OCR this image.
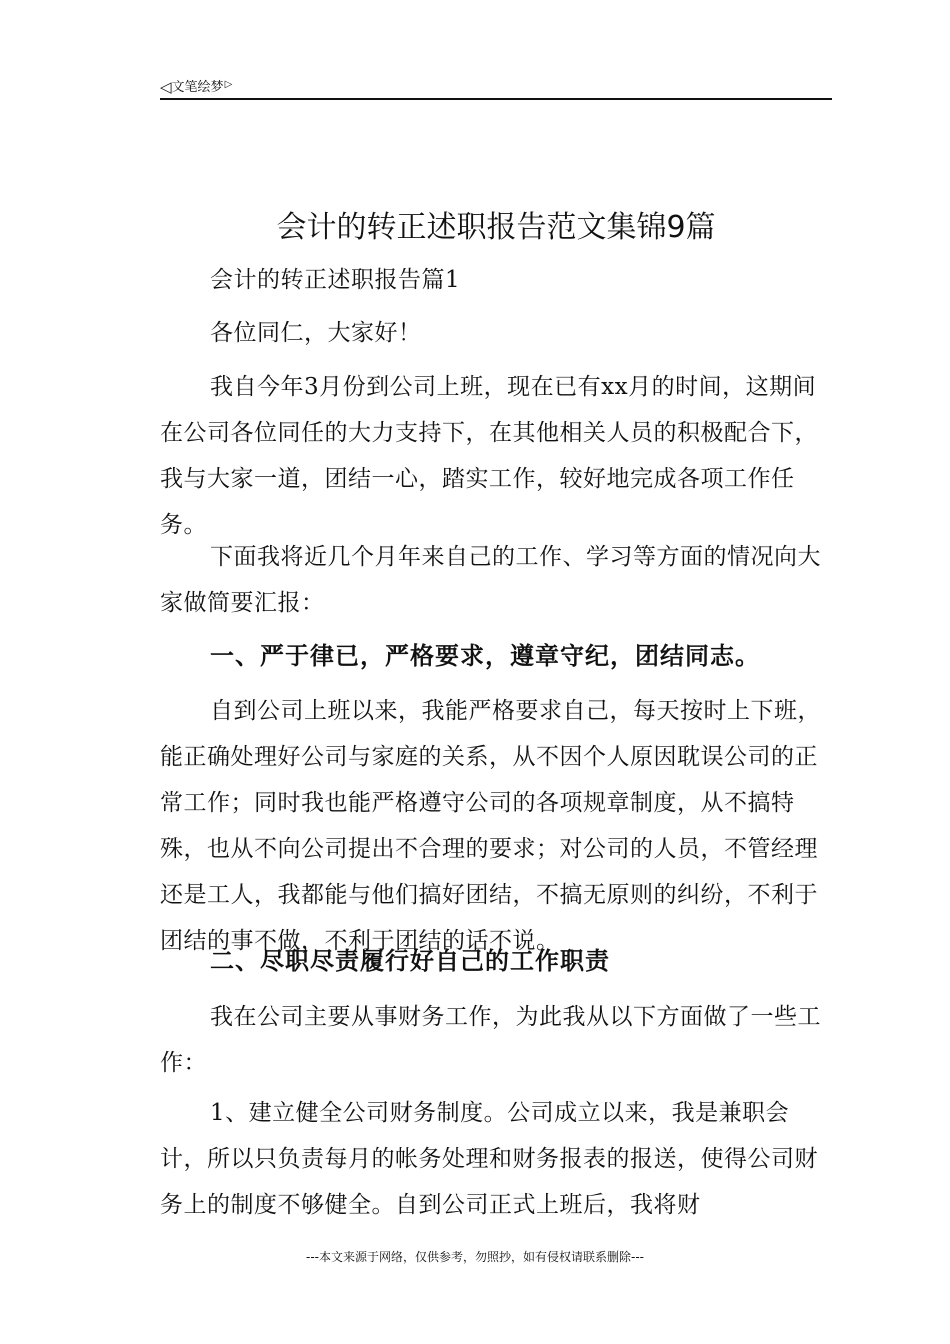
◁文笔绘梦▷
会计的转正述职报告范文集锦9篇

会计的转正述职报告篇1

各位同仁，大家好！

我自今年3月份到公司上班，现在已有xx月的时间，这期间在公司各位同任的大力支持下，在其他相关人员的积极配合下，我与大家一道，团结一心，踏实工作，较好地完成各项工作任务。

下面我将近几个月年来自己的工作、学习等方面的情况向大家做简要汇报：

一、严于律已，严格要求，遵章守纪，团结同志。

自到公司上班以来，我能严格要求自己，每天按时上下班，能正确处理好公司与家庭的关系，从不因个人原因耽误公司的正常工作；同时我也能严格遵守公司的各项规章制度，从不搞特殊，也从不向公司提出不合理的要求；对公司的人员，不管经理还是工人，我都能与他们搞好团结，不搞无原则的纠纷，不利于团结的事不做，不利于团结的话不说。

二、尽职尽责履行好自己的工作职责

我在公司主要从事财务工作，为此我从以下方面做了一些工作：

1、建立健全公司财务制度。公司成立以来，我是兼职会计，所以只负责每月的帐务处理和财务报表的报送，使得公司财务上的制度不够健全。自到公司正式上班后，我将财

---本文来源于网络，仅供参考，勿照抄，如有侵权请联系删除---
